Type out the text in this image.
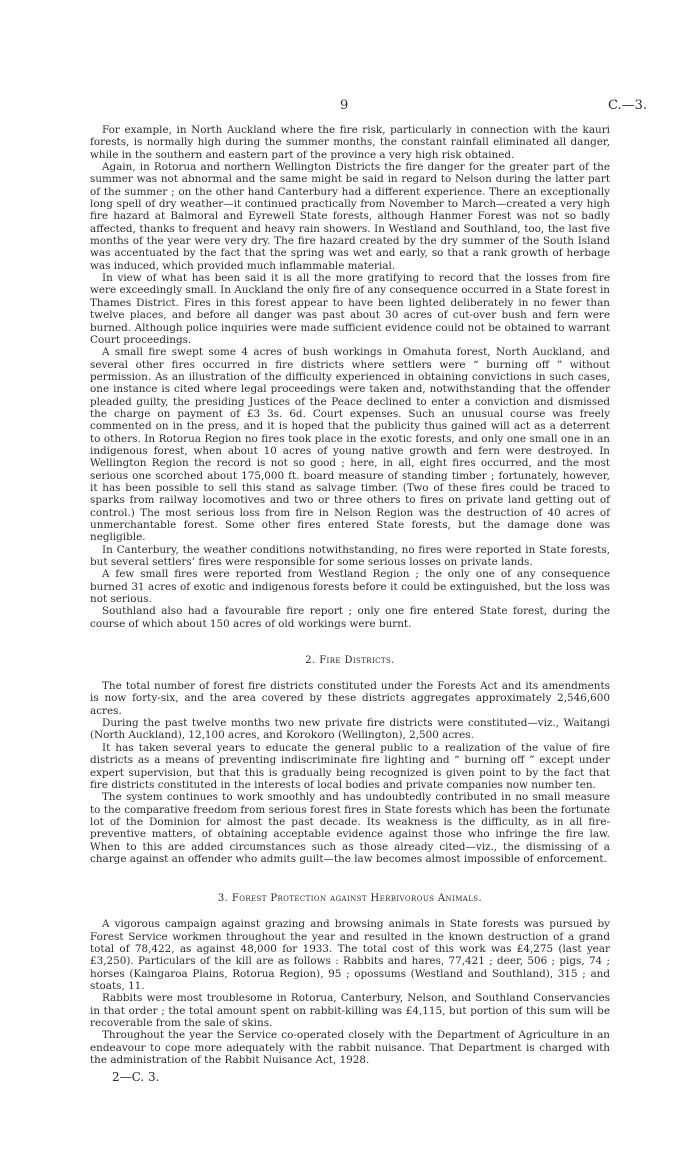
9	C.—3.

For example, in North Auckland where the fire risk, particularly in connection with the kauri forests, is normally high during the summer months, the constant rainfall eliminated all danger, while in the southern and eastern part of the province a very high risk obtained.

Again, in Rotorua and northern Wellington Districts the fire danger for the greater part of the summer was not abnormal and the same might be said in regard to Nelson during the latter part of the summer ; on the other hand Canterbury had a different experience. There an exceptionally long spell of dry weather—it continued practically from November to March—created a very high fire hazard at Balmoral and Eyrewell State forests, although Hanmer Forest was not so badly affected, thanks to frequent and heavy rain showers. In Westland and Southland, too, the last five months of the year were very dry. The fire hazard created by the dry summer of the South Island was accentuated by the fact that the spring was wet and early, so that a rank growth of herbage was induced, which provided much inflammable material.

In view of what has been said it is all the more gratifying to record that the losses from fire were exceedingly small. In Auckland the only fire of any consequence occurred in a State forest in Thames District. Fires in this forest appear to have been lighted deliberately in no fewer than twelve places, and before all danger was past about 30 acres of cut-over bush and fern were burned. Although police inquiries were made sufficient evidence could not be obtained to warrant Court proceedings.

A small fire swept some 4 acres of bush workings in Omahuta forest, North Auckland, and several other fires occurred in fire districts where settlers were “ burning off ” without permission. As an illustration of the difficulty experienced in obtaining convictions in such cases, one instance is cited where legal proceedings were taken and, notwithstanding that the offender pleaded guilty, the presiding Justices of the Peace declined to enter a conviction and dismissed the charge on payment of £3 3s. 6d. Court expenses. Such an unusual course was freely commented on in the press, and it is hoped that the publicity thus gained will act as a deterrent to others. In Rotorua Region no fires took place in the exotic forests, and only one small one in an indigenous forest, when about 10 acres of young native growth and fern were destroyed. In Wellington Region the record is not so good ; here, in all, eight fires occurred, and the most serious one scorched about 175,000 ft. board measure of standing timber ; fortunately, however, it has been possible to sell this stand as salvage timber. (Two of these fires could be traced to sparks from railway locomotives and two or three others to fires on private land getting out of control.) The most serious loss from fire in Nelson Region was the destruction of 40 acres of unmerchantable forest. Some other fires entered State forests, but the damage done was negligible.

In Canterbury, the weather conditions notwithstanding, no fires were reported in State forests, but several settlers’ fires were responsible for some serious losses on private lands.

A few small fires were reported from Westland Region ; the only one of any consequence burned 31 acres of exotic and indigenous forests before it could be extinguished, but the loss was not serious.

Southland also had a favourable fire report ; only one fire entered State forest, during the course of which about 150 acres of old workings were burnt.

2. Fire Districts.

The total number of forest fire districts constituted under the Forests Act and its amendments is now forty-six, and the area covered by these districts aggregates approximately 2,546,600 acres.

During the past twelve months two new private fire districts were constituted—viz., Waitangi (North Auckland), 12,100 acres, and Korokoro (Wellington), 2,500 acres.

It has taken several years to educate the general public to a realization of the value of fire districts as a means of preventing indiscriminate fire lighting and “ burning off ” except under expert supervision, but that this is gradually being recognized is given point to by the fact that fire districts constituted in the interests of local bodies and private companies now number ten.

The system continues to work smoothly and has undoubtedly contributed in no small measure to the comparative freedom from serious forest fires in State forests which has been the fortunate lot of the Dominion for almost the past decade. Its weakness is the difficulty, as in all fire-preventive matters, of obtaining acceptable evidence against those who infringe the fire law. When to this are added circumstances such as those already cited—viz., the dismissing of a charge against an offender who admits guilt—the law becomes almost impossible of enforcement.

3. Forest Protection against Herbivorous Animals.

A vigorous campaign against grazing and browsing animals in State forests was pursued by Forest Service workmen throughout the year and resulted in the known destruction of a grand total of 78,422, as against 48,000 for 1933. The total cost of this work was £4,275 (last year £3,250). Particulars of the kill are as follows : Rabbits and hares, 77,421 ; deer, 506 ; pigs, 74 ; horses (Kaingaroa Plains, Rotorua Region), 95 ; opossums (Westland and Southland), 315 ; and stoats, 11.

Rabbits were most troublesome in Rotorua, Canterbury, Nelson, and Southland Conservancies in that order ; the total amount spent on rabbit-killing was £4,115, but portion of this sum will be recoverable from the sale of skins.

Throughout the year the Service co-operated closely with the Department of Agriculture in an endeavour to cope more adequately with the rabbit nuisance. That Department is charged with the administration of the Rabbit Nuisance Act, 1928.

2—C. 3.
